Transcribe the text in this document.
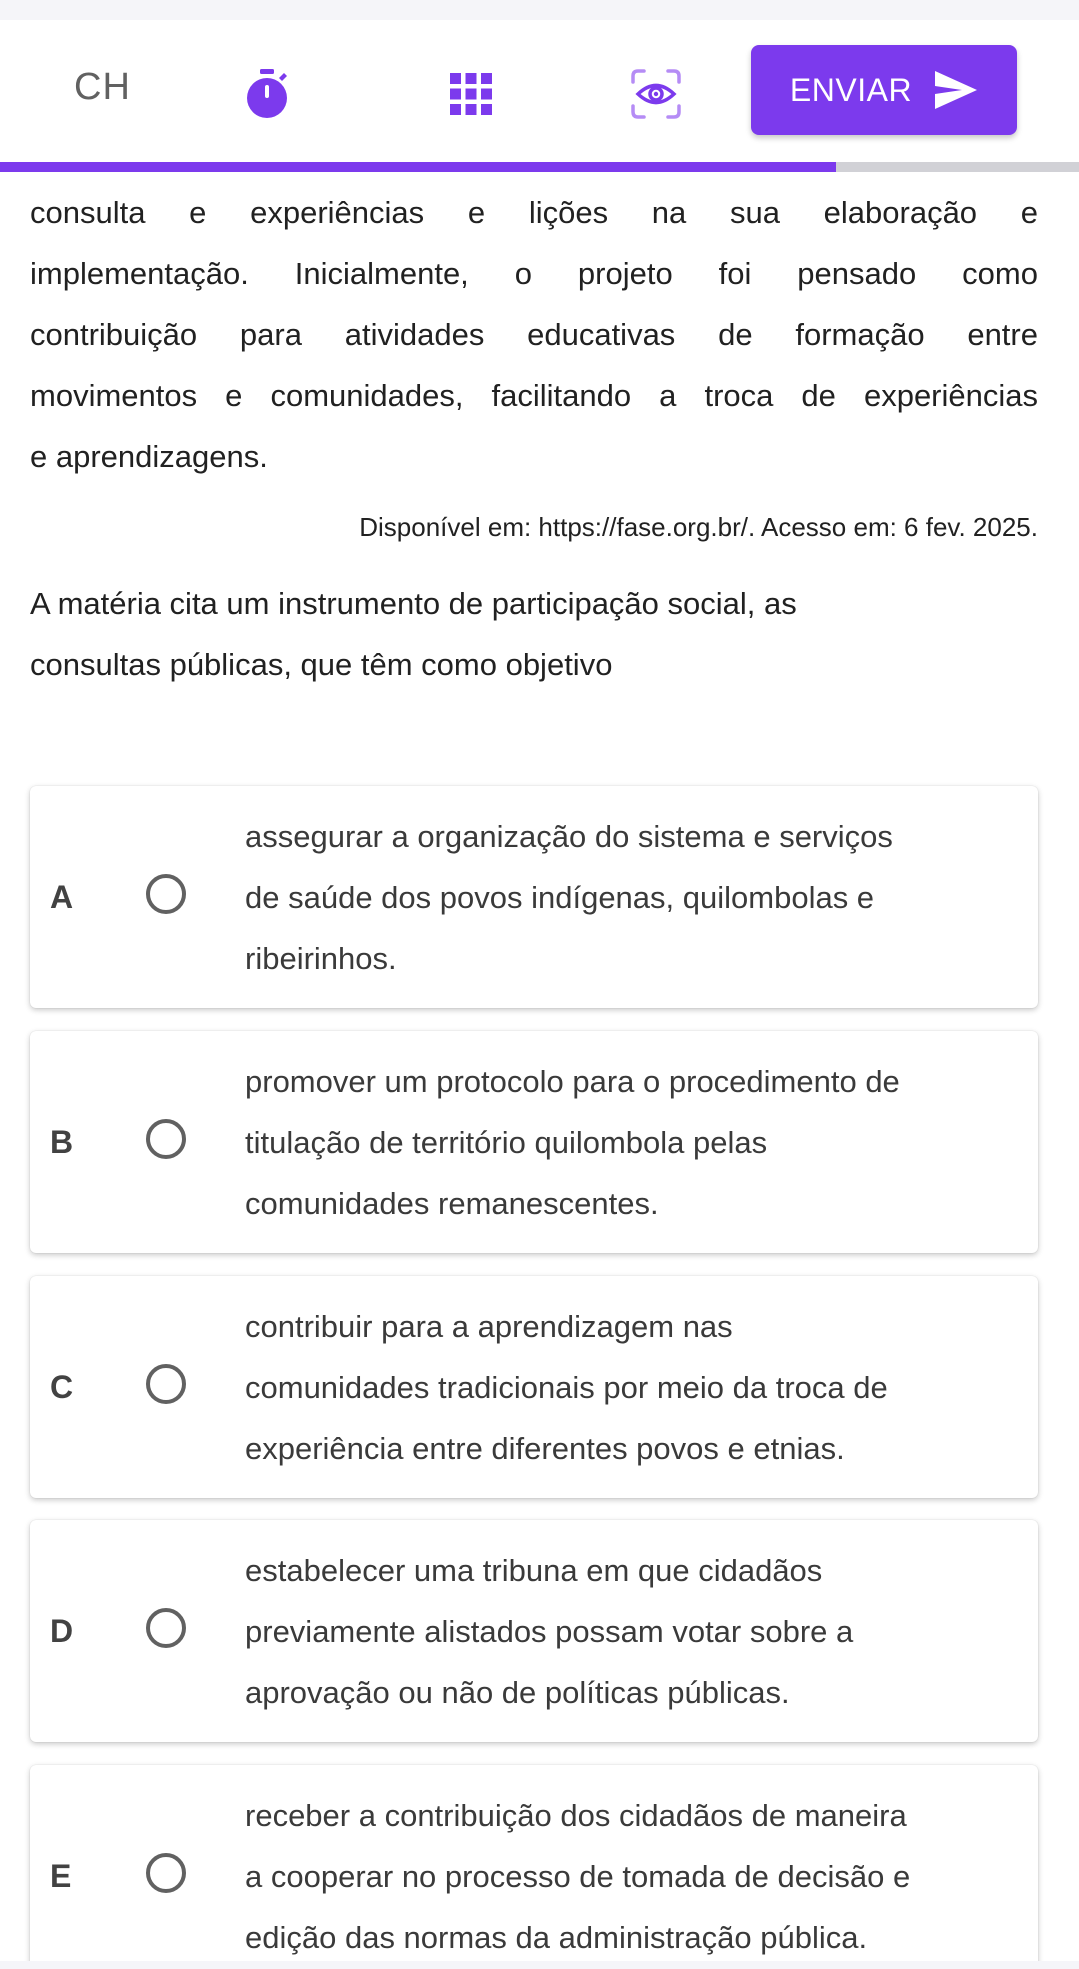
CH	ENVIAR
consulta e experiências e lições na sua elaboração e
implementação. Inicialmente, o projeto foi pensado como
contribuição para atividades educativas de formação entre
movimentos e comunidades, facilitando a troca de experiências
e aprendizagens.
Disponível em: https://fase.org.br/. Acesso em: 6 fev. 2025.
A matéria cita um instrumento de participação social, as
consultas públicas, que têm como objetivo
A
assegurar a organização do sistema e serviços
de saúde dos povos indígenas, quilombolas e
ribeirinhos.
B
promover um protocolo para o procedimento de
titulação de território quilombola pelas
comunidades remanescentes.
C
contribuir para a aprendizagem nas
comunidades tradicionais por meio da troca de
experiência entre diferentes povos e etnias.
D
estabelecer uma tribuna em que cidadãos
previamente alistados possam votar sobre a
aprovação ou não de políticas públicas.
E
receber a contribuição dos cidadãos de maneira
a cooperar no processo de tomada de decisão e
edição das normas da administração pública.
